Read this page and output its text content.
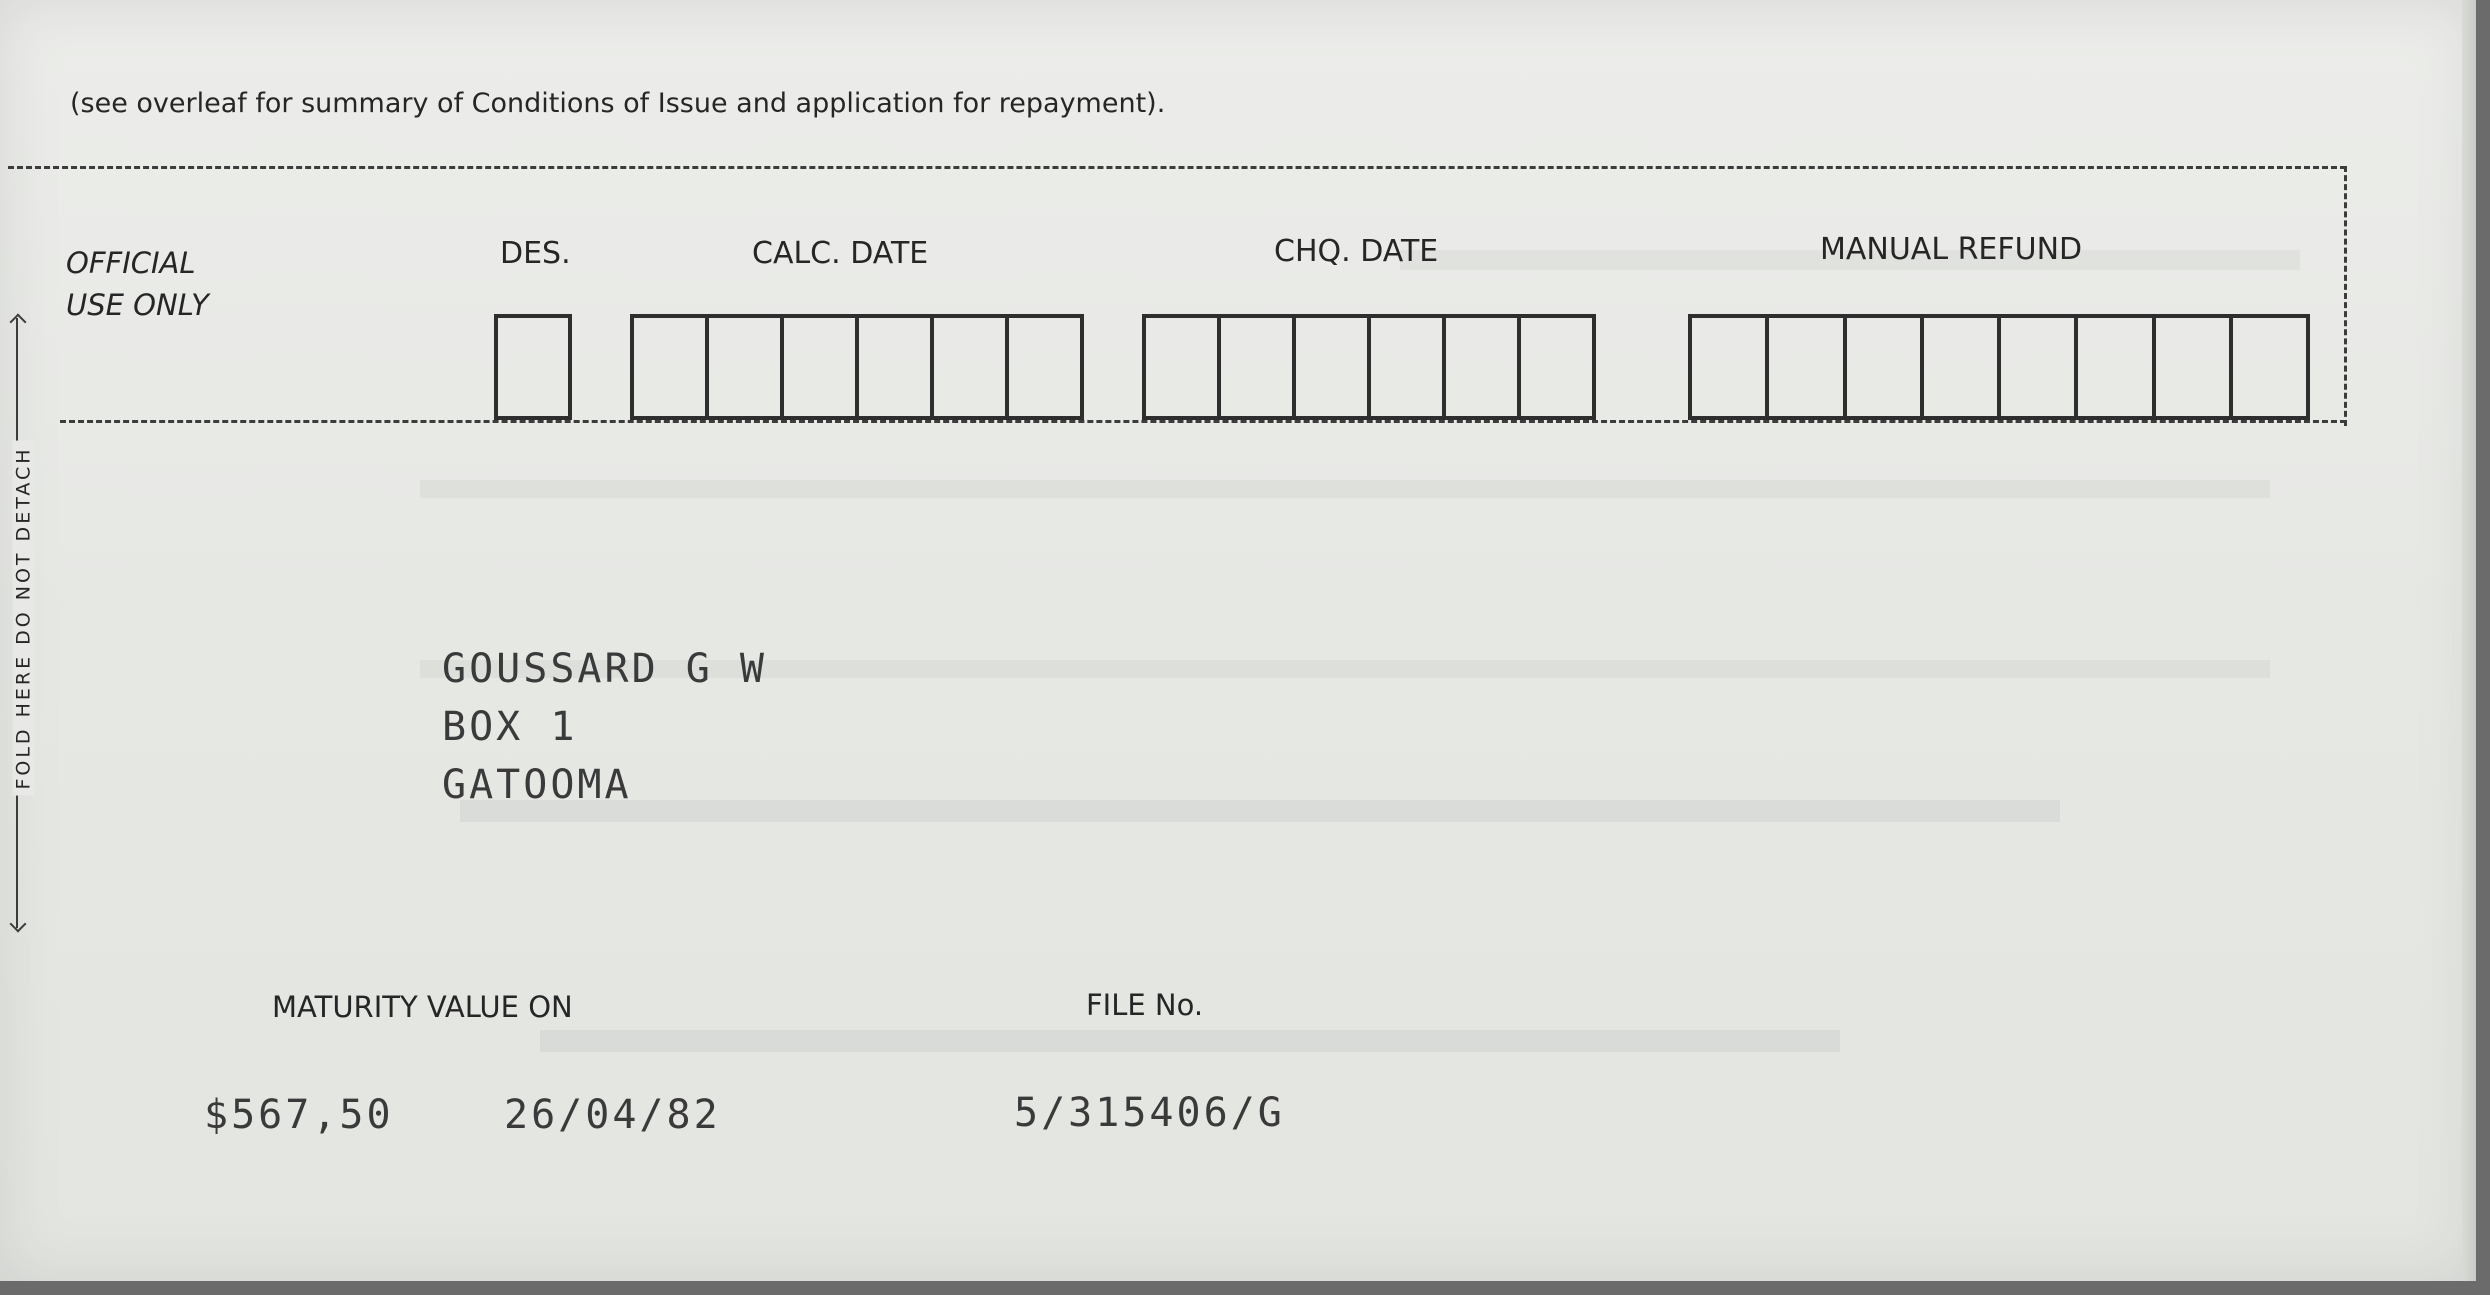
(see overleaf for summary of Conditions of Issue and application for repayment).
OFFICIAL
USE ONLY
DES.	CALC. DATE	CHQ. DATE	MANUAL REFUND
FOLD HERE DO NOT DETACH	GOUSSARD G W
BOX 1
GATOOMA
MATURITY VALUE ON	FILE No.
$567,50	26/04/82	5/315406/G
